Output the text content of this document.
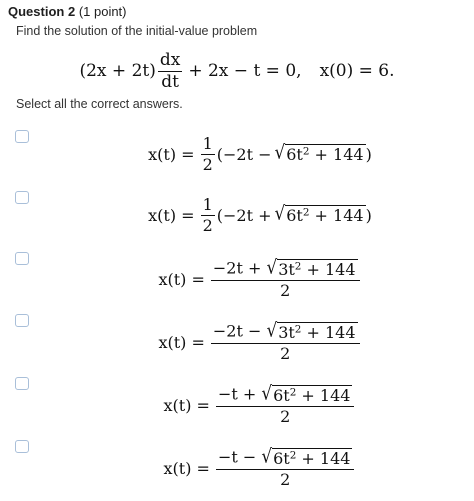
Question 2 (1 point)
Find the solution of the initial-value problem
$(2x + 2t) \frac{dx}{dt} + 2x - t = 0$, x(0) = 6.
Select all the correct answers.
$x(t) = \frac{1}{2} (-2t$ − √ $6t^2 + 144$ )
$x(t) = \frac{1}{2} (-2t$ + √ $6t^2 + 144$ )
$x(t) = \frac{-2t + √ 3t^2 + 144}{2}$
$x(t) = \frac{-2t - √ 3t^2 + 144}{2}$
$x(t) = \frac{-t + √ 6t^2 + 144}{2}$
$x(t) = \frac{-t - √ 6t^2 + 144}{2}$
